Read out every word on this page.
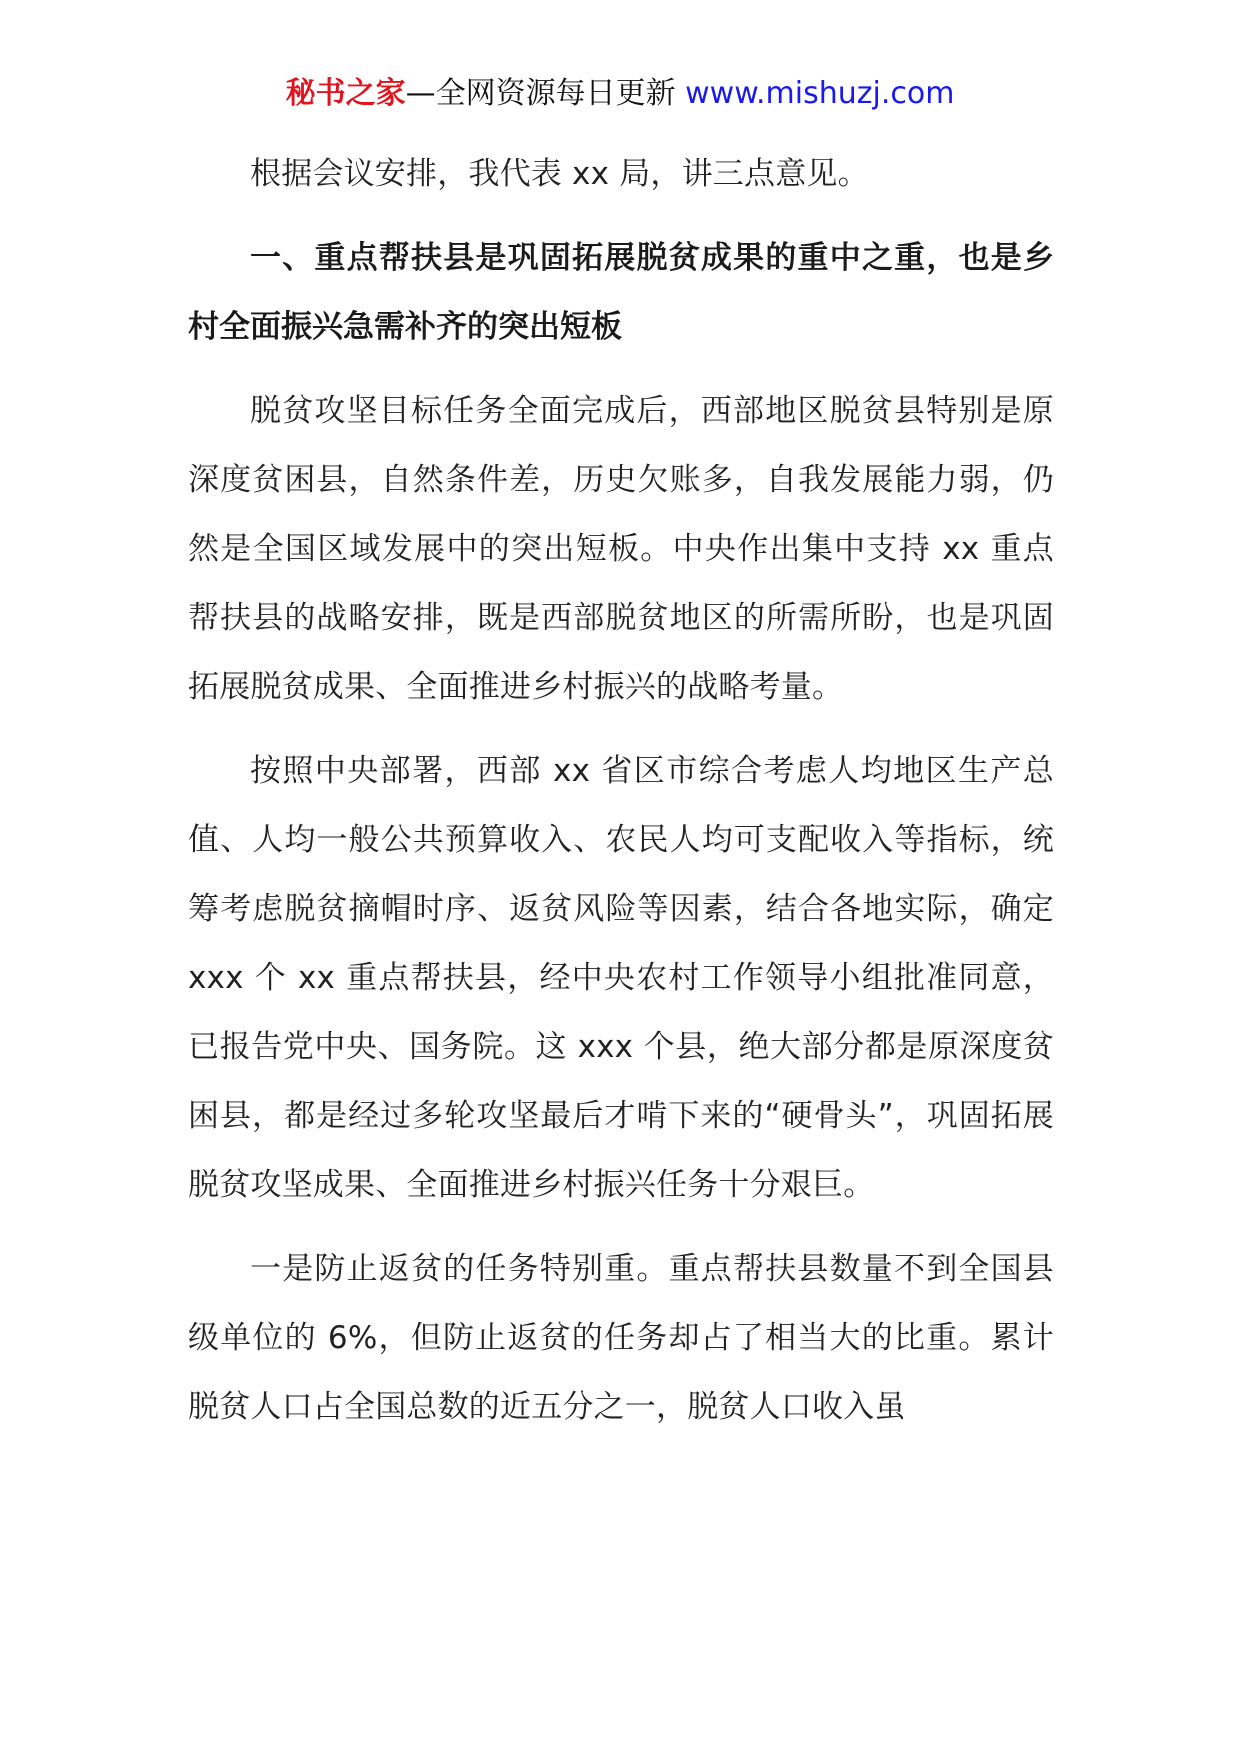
秘书之家—全网资源每日更新 www.mishuzj.com

根据会议安排，我代表 xx 局，讲三点意见。

一、重点帮扶县是巩固拓展脱贫成果的重中之重，也是乡村全面振兴急需补齐的突出短板

脱贫攻坚目标任务全面完成后，西部地区脱贫县特别是原深度贫困县，自然条件差，历史欠账多，自我发展能力弱，仍然是全国区域发展中的突出短板。中央作出集中支持 xx 重点帮扶县的战略安排，既是西部脱贫地区的所需所盼，也是巩固拓展脱贫成果、全面推进乡村振兴的战略考量。

按照中央部署，西部 xx 省区市综合考虑人均地区生产总值、人均一般公共预算收入、农民人均可支配收入等指标，统筹考虑脱贫摘帽时序、返贫风险等因素，结合各地实际，确定 xxx 个 xx 重点帮扶县，经中央农村工作领导小组批准同意，已报告党中央、国务院。这 xxx 个县，绝大部分都是原深度贫困县，都是经过多轮攻坚最后才啃下来的“硬骨头”，巩固拓展脱贫攻坚成果、全面推进乡村振兴任务十分艰巨。

一是防止返贫的任务特别重。重点帮扶县数量不到全国县级单位的 6%，但防止返贫的任务却占了相当大的比重。累计脱贫人口占全国总数的近五分之一，脱贫人口收入虽
